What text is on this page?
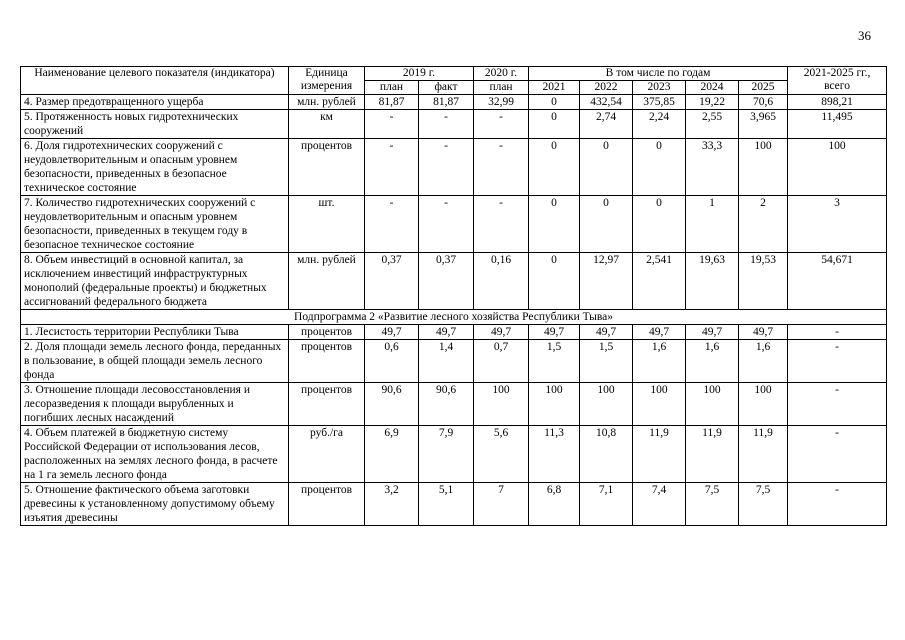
36
Наименование целевого показателя (индикатора)	Единица измерения	2019 г.		2020 г.	В том числе по годам					2021-2025 гг., всего
		план	факт	план	2021	2022	2023	2024	2025	
4. Размер предотвращенного ущерба	млн. рублей	81,87	81,87	32,99	0	432,54	375,85	19,22	70,6	898,21
5. Протяженность новых гидротехнических сооружений	км	-	-	-	0	2,74	2,24	2,55	3,965	11,495
6. Доля гидротехнических сооружений с неудовлетворительным и опасным уровнем безопасности, приведенных в безопасное техническое состояние	процентов	-	-	-	0	0	0	33,3	100	100
7. Количество гидротехнических сооружений с неудовлетворительным и опасным уровнем безопасности, приведенных в текущем году в безопасное техническое состояние	шт.	-	-	-	0	0	0	1	2	3
8. Объем инвестиций в основной капитал, за исключением инвестиций инфраструктурных монополий (федеральные проекты) и бюджетных ассигнований федерального бюджета	млн. рублей	0,37	0,37	0,16	0	12,97	2,541	19,63	19,53	54,671
Подпрограмма 2 «Развитие лесного хозяйства Республики Тыва»										
1. Лесистость территории Республики Тыва	процентов	49,7	49,7	49,7	49,7	49,7	49,7	49,7	49,7	-
2. Доля площади земель лесного фонда, переданных в пользование, в общей площади земель лесного фонда	процентов	0,6	1,4	0,7	1,5	1,5	1,6	1,6	1,6	-
3. Отношение площади лесовосстановления и лесоразведения к площади вырубленных и погибших лесных насаждений	процентов	90,6	90,6	100	100	100	100	100	100	-
4. Объем платежей в бюджетную систему Российской Федерации от использования лесов, расположенных на землях лесного фонда, в расчете на 1 га земель лесного фонда	руб./га	6,9	7,9	5,6	11,3	10,8	11,9	11,9	11,9	-
5. Отношение фактического объема заготовки древесины к установленному допустимому объему изъятия древесины	процентов	3,2	5,1	7	6,8	7,1	7,4	7,5	7,5	-
